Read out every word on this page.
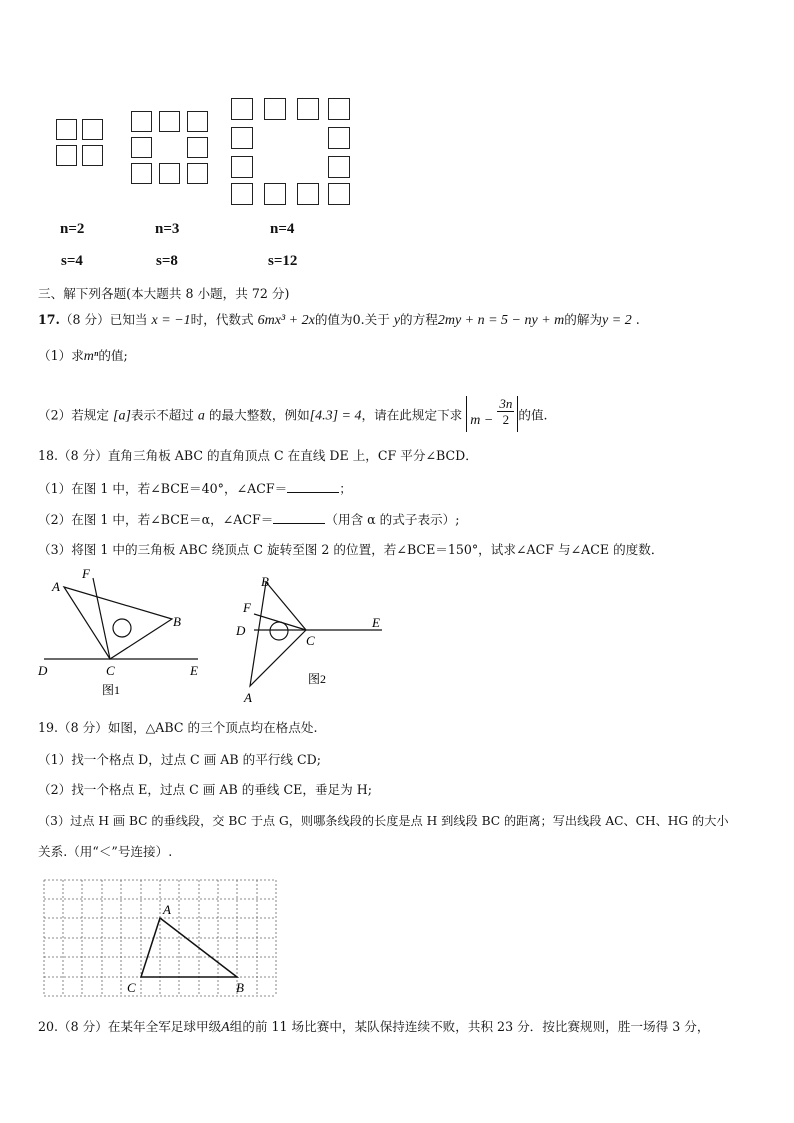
n=2	n=3	n=4
s=4	s=8	s=12
三、解下列各题(本大题共 8 小题，共 72 分)
17.（8 分）已知当 x = −1时，代数式 6mx³ + 2x的值为0.关于 y的方程2my + n = 5 − ny + m的解为y = 2 .
（1）求mⁿ的值;
（2）若规定 [a]表示不超过 a 的最大整数，例如[4.3] = 4，请在此规定下求 $m - \frac{3n}{2}$ 的值.
18.（8 分）直角三角板 ABC 的直角顶点 C 在直线 DE 上，CF 平分∠BCD．
（1）在图 1 中，若∠BCE＝40°，∠ACF＝	；
（2）在图 1 中，若∠BCE＝α，∠ACF＝	（用含 α 的式子表示）;
（3）将图 1 中的三角板 ABC 绕顶点 C 旋转至图 2 的位置，若∠BCE＝150°，试求∠ACF 与∠ACE 的度数．
A
F
B
D	C	E
图1
B
F
D
C
E
A
图2
19.（8 分）如图，△ABC 的三个顶点均在格点处.
（1）找一个格点 D，过点 C 画 AB 的平行线 CD;
（2）找一个格点 E，过点 C 画 AB 的垂线 CE，垂足为 H;
（3）过点 H 画 BC 的垂线段，交 BC 于点 G，则哪条线段的长度是点 H 到线段 BC 的距离；写出线段 AC、CH、HG 的大小
关系.（用“＜”号连接）.
A
C	B
20.（8 分）在某年全军足球甲级A组的前 11 场比赛中，某队保持连续不败，共积 23 分．按比赛规则，胜一场得 3 分，
